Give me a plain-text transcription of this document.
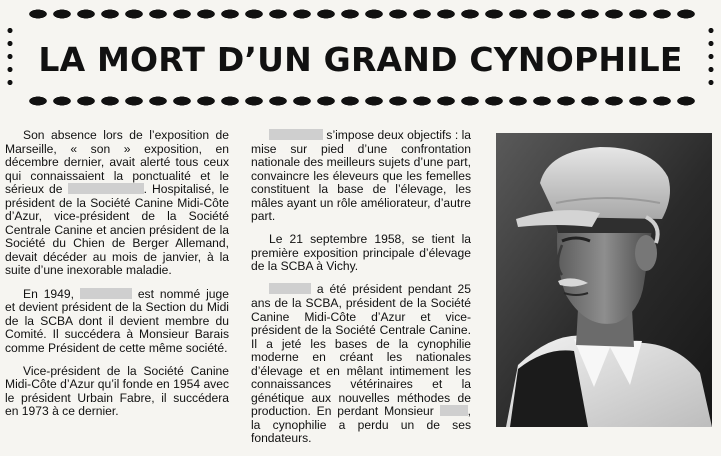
LA MORT D’UN GRAND CYNOPHILE

Son absence lors de l’exposition de Marseille, « son » exposition, en décembre dernier, avait alerté tous ceux qui connaissaient la ponctualité et le sérieux de	. Hospitalisé, le président de la Société Canine Midi-Côte d’Azur, vice-président de la Société Centrale Canine et ancien président de la Société du Chien de Berger Allemand, devait décéder au mois de janvier, à la suite d’une inexorable maladie.

En 1949,	est nommé juge et devient président de la Section du Midi de la SCBA dont il devient membre du Comité. Il succédera à Monsieur Barais comme Président de cette même société.

Vice-président de la Société Canine Midi-Côte d’Azur qu’il fonde en 1954 avec le président Urbain Fabre, il succédera en 1973 à ce dernier.

s’impose deux objectifs : la mise sur pied d’une confrontation nationale des meilleurs sujets d’une part, convaincre les éleveurs que les femelles constituent la base de l’élevage, les mâles ayant un rôle améliorateur, d’autre part.

Le 21 septembre 1958, se tient la première exposition principale d’élevage de la SCBA à Vichy.

a été président pendant 25 ans de la SCBA, président de la Société Canine Midi-Côte d’Azur et vice-président de la Société Centrale Canine. Il a jeté les bases de la cynophilie moderne en créant les nationales d’élevage et en mêlant intimement les connaissances vétérinaires et la génétique aux nouvelles méthodes de production. En perdant Monsieur	, la cynophilie a perdu un de ses fondateurs.
